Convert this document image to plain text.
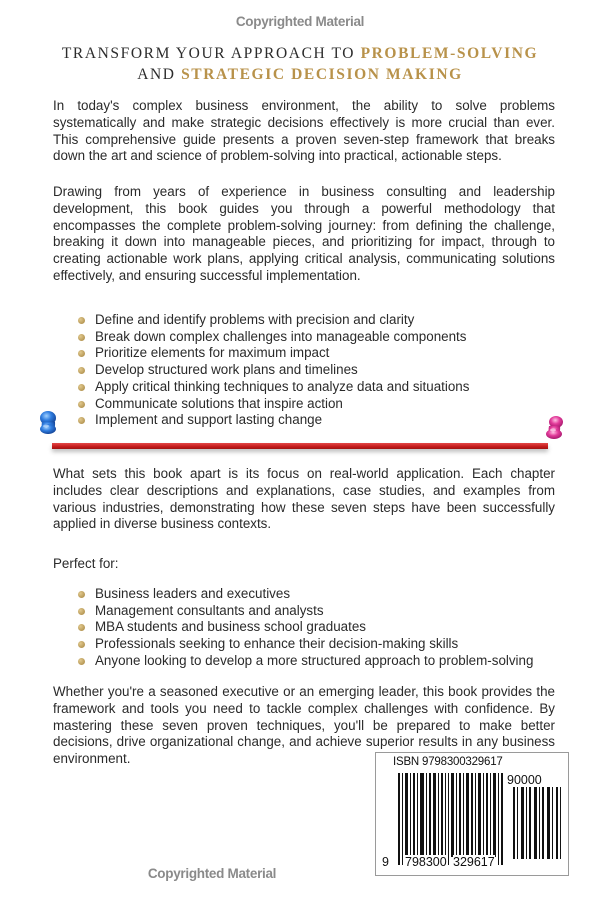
Copyrighted Material
TRANSFORM YOUR APPROACH TO PROBLEM-SOLVING
AND STRATEGIC DECISION MAKING

In today's complex business environment, the ability to solve problems systematically and make strategic decisions effectively is more crucial than ever. This comprehensive guide presents a proven seven-step framework that breaks down the art and science of problem-solving into practical, actionable steps.

Drawing from years of experience in business consulting and leadership development, this book guides you through a powerful methodology that encompasses the complete problem-solving journey: from defining the challenge, breaking it down into manageable pieces, and prioritizing for impact, through to creating actionable work plans, applying critical analysis, communicating solutions effectively, and ensuring successful implementation.

Define and identify problems with precision and clarity
Break down complex challenges into manageable components
Prioritize elements for maximum impact
Develop structured work plans and timelines
Apply critical thinking techniques to analyze data and situations
Communicate solutions that inspire action
Implement and support lasting change

What sets this book apart is its focus on real-world application. Each chapter includes clear descriptions and explanations, case studies, and examples from various industries, demonstrating how these seven steps have been successfully applied in diverse business contexts.

Perfect for:

Business leaders and executives
Management consultants and analysts
MBA students and business school graduates
Professionals seeking to enhance their decision-making skills
Anyone looking to develop a more structured approach to problem-solving

Whether you're a seasoned executive or an emerging leader, this book provides the framework and tools you need to tackle complex challenges with confidence. By mastering these seven proven techniques, you'll be prepared to make better decisions, drive organizational change, and achieve superior results in any business environment.	ISBN 9798300329617
90000
9 798300 329617
Copyrighted Material
